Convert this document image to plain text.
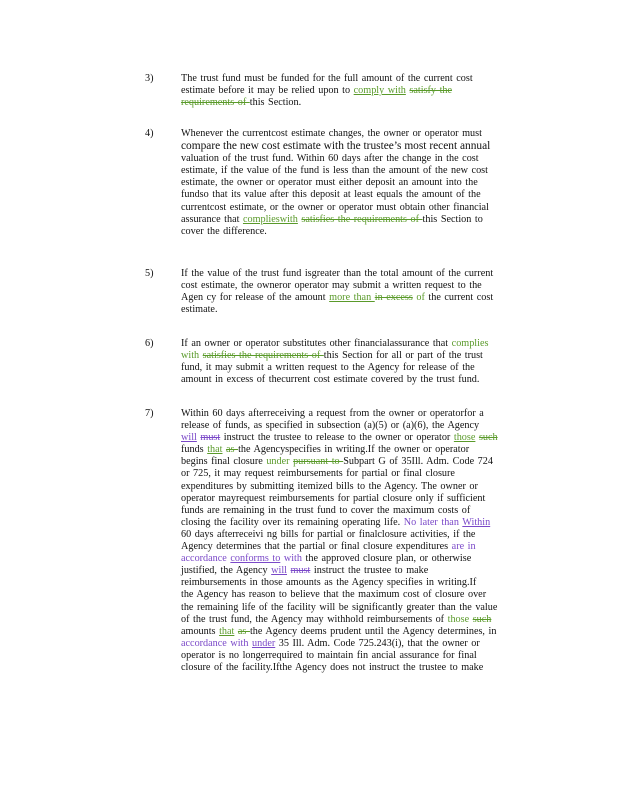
3)	The trust fund must be funded for the full amount of the current cost
estimate before it may be relied upon to comply with satisfy the
requirements of this Section.
4)	Whenever the currentcost estimate changes, the owner or operator must
compare the new cost estimate with the trustee’s most recent annual
valuation of the trust fund. Within 60 days after the change in the cost
estimate, if the value of the fund is less than the amount of the new cost
estimate, the owner or operator must either deposit an amount into the
fundso that its value after this deposit at least equals the amount of the
currentcost estimate, or the owner or operator must obtain other financial
assurance that complieswith satisfies the requirements of this Section to
cover the difference.
5)	If the value of the trust fund isgreater than the total amount of the current
cost estimate, the owneror operator may submit a written request to the
Agen cy for release of the amount more than in excess of the current cost
estimate.
6)	If an owner or operator substitutes other financialassurance that complies
with satisfies the requirements of this Section for all or part of the trust
fund, it may submit a written request to the Agency for release of the
amount in excess of thecurrent cost estimate covered by the trust fund.
7)	Within 60 days afterreceiving a request from the owner or operatorfor a
release of funds, as specified in subsection (a)(5) or (a)(6), the Agency
will must instruct the trustee to release to the owner or operator those such
funds that as the Agencyspecifies in writing.If the owner or operator
begins final closure under pursuant to Subpart G of 35Ill. Adm. Code 724
or 725, it may request reimbursements for partial or final closure
expenditures by submitting itemized bills to the Agency. The owner or
operator mayrequest reimbursements for partial closure only if sufficient
funds are remaining in the trust fund to cover the maximum costs of
closing the facility over its remaining operating life. No later than Within
60 days afterreceivi ng bills for partial or finalclosure activities, if the
Agency determines that the partial or final closure expenditures are in
accordance conforms to with the approved closure plan, or otherwise
justified, the Agency will must instruct the trustee to make
reimbursements in those amounts as the Agency specifies in writing.If
the Agency has reason to believe that the maximum cost of closure over
the remaining life of the facility will be significantly greater than the value
of the trust fund, the Agency may withhold reimbursements of those such
amounts that as the Agency deems prudent until the Agency determines, in
accordance with under 35 Ill. Adm. Code 725.243(i), that the owner or
operator is no longerrequired to maintain fin ancial assurance for final
closure of the facility.Ifthe Agency does not instruct the trustee to make
